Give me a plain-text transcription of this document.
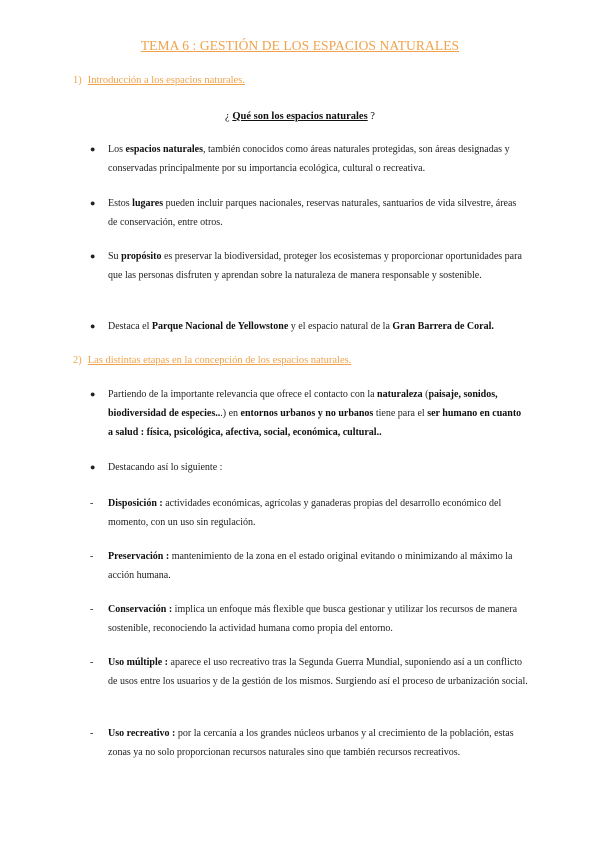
TEMA 6 : GESTIÓN DE LOS ESPACIOS NATURALES
1) Introducción a los espacios naturales.
¿ Qué son los espacios naturales ?
● Los espacios naturales, también conocidos como áreas naturales protegidas, son áreas designadas y conservadas principalmente por su importancia ecológica, cultural o recreativa.
● Estos lugares pueden incluir parques nacionales, reservas naturales, santuarios de vida silvestre, áreas de conservación, entre otros.
● Su propósito es preservar la biodiversidad, proteger los ecosistemas y proporcionar oportunidades para que las personas disfruten y aprendan sobre la naturaleza de manera responsable y sostenible.
● Destaca el Parque Nacional de Yellowstone y el espacio natural de la Gran Barrera de Coral.
2) Las distintas etapas en la concepción de los espacios naturales.
● Partiendo de la importante relevancia que ofrece el contacto con la naturaleza (paisaje, sonidos, biodiversidad de especies...) en entornos urbanos y no urbanos tiene para el ser humano en cuanto a salud : física, psicológica, afectiva, social, económica, cultural..
● Destacando así lo siguiente :
- Disposición : actividades económicas, agrícolas y ganaderas propias del desarrollo económico del momento, con un uso sin regulación.
- Preservación : mantenimiento de la zona en el estado original evitando o minimizando al máximo la acción humana.
- Conservación : implica un enfoque más flexible que busca gestionar y utilizar los recursos de manera sostenible, reconociendo la actividad humana como propia del entorno.
- Uso múltiple : aparece el uso recreativo tras la Segunda Guerra Mundial, suponiendo así a un conflicto de usos entre los usuarios y de la gestión de los mismos. Surgiendo así el proceso de urbanización social.
- Uso recreativo : por la cercanía a los grandes núcleos urbanos y al crecimiento de la población, estas zonas ya no solo proporcionan recursos naturales sino que también recursos recreativos.
